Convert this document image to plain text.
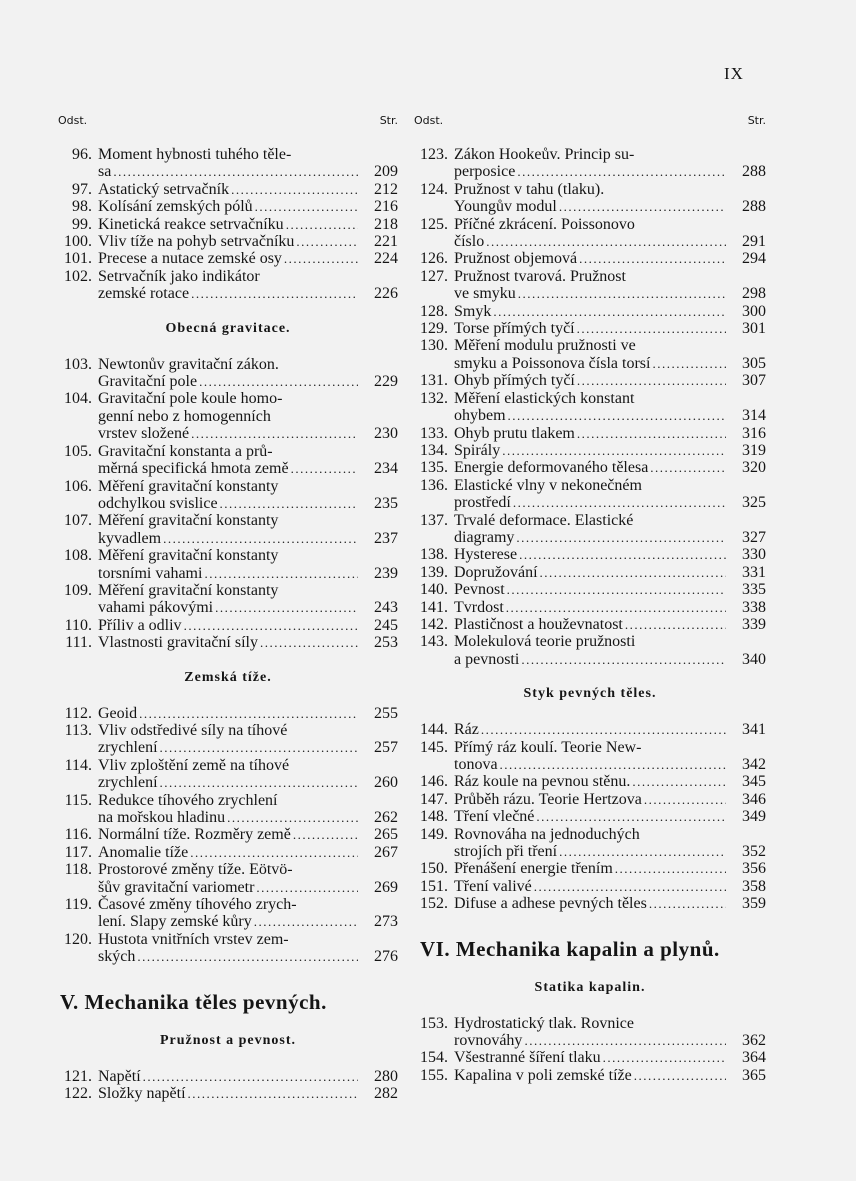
IX
Odst.	Str.
96. Moment hybnosti tuhého těle-
sa .....	209
97. Astatický setrvačník .....	212
98. Kolísání zemských pólů .....	216
99. Kinetická reakce setrvačníku .....	218
100. Vliv tíže na pohyb setrvačníku .....	221
101. Precese a nutace zemské osy .....	224
102. Setrvačník jako indikátor
zemské rotace .....	226
Obecná gravitace.
103. Newtonův gravitační zákon.
Gravitační pole .....	229
104. Gravitační pole koule homo-
genní nebo z homogenních
vrstev složené .....	230
105. Gravitační konstanta a prů-
měrná specifická hmota země .....	234
106. Měření gravitační konstanty
odchylkou svislice .....	235
107. Měření gravitační konstanty
kyvadlem .....	237
108. Měření gravitační konstanty
torsními vahami .....	239
109. Měření gravitační konstanty
vahami pákovými .....	243
110. Příliv a odliv .....	245
111. Vlastnosti gravitační síly .....	253
Zemská tíže.
112. Geoid .....	255
113. Vliv odstředivé síly na tíhové
zrychlení .....	257
114. Vliv zploštění země na tíhové
zrychlení .....	260
115. Redukce tíhového zrychlení
na mořskou hladinu .....	262
116. Normální tíže. Rozměry země .....	265
117. Anomalie tíže .....	267
118. Prostorové změny tíže. Eötvö-
šův gravitační variometr .....	269
119. Časové změny tíhového zrych-
lení. Slapy zemské kůry .....	273
120. Hustota vnitřních vrstev zem-
ských .....	276
V. Mechanika těles pevných.
Pružnost a pevnost.
121. Napětí .....	280
122. Složky napětí .....	282
Odst.	Str.
123. Zákon Hookeův. Princip su-
perposice .....	288
124. Pružnost v tahu (tlaku).
Youngův modul .....	288
125. Příčné zkrácení. Poissonovo
číslo .....	291
126. Pružnost objemová .....	294
127. Pružnost tvarová. Pružnost
ve smyku .....	298
128. Smyk .....	300
129. Torse přímých tyčí .....	301
130. Měření modulu pružnosti ve
smyku a Poissonova čísla torsí .....	305
131. Ohyb přímých tyčí .....	307
132. Měření elastických konstant
ohybem .....	314
133. Ohyb prutu tlakem .....	316
134. Spirály .....	319
135. Energie deformovaného tělesa .....	320
136. Elastické vlny v nekonečném
prostředí .....	325
137. Trvalé deformace. Elastické
diagramy .....	327
138. Hysterese .....	330
139. Dopružování .....	331
140. Pevnost .....	335
141. Tvrdost .....	338
142. Plastičnost a houževnatost .....	339
143. Molekulová teorie pružnosti
a pevnosti .....	340
Styk pevných těles.
144. Ráz .....	341
145. Přímý ráz koulí. Teorie New-
tonova .....	342
146. Ráz koule na pevnou stěnu. .....	345
147. Průběh rázu. Teorie Hertzova .....	346
148. Tření vlečné .....	349
149. Rovnováha na jednoduchých
strojích při tření .....	352
150. Přenášení energie třením .....	356
151. Tření valivé .....	358
152. Difuse a adhese pevných těles .....	359
VI. Mechanika kapalin a plynů.
Statika kapalin.
153. Hydrostatický tlak. Rovnice
rovnováhy .....	362
154. Všestranné šíření tlaku .....	364
155. Kapalina v poli zemské tíže .....	365
